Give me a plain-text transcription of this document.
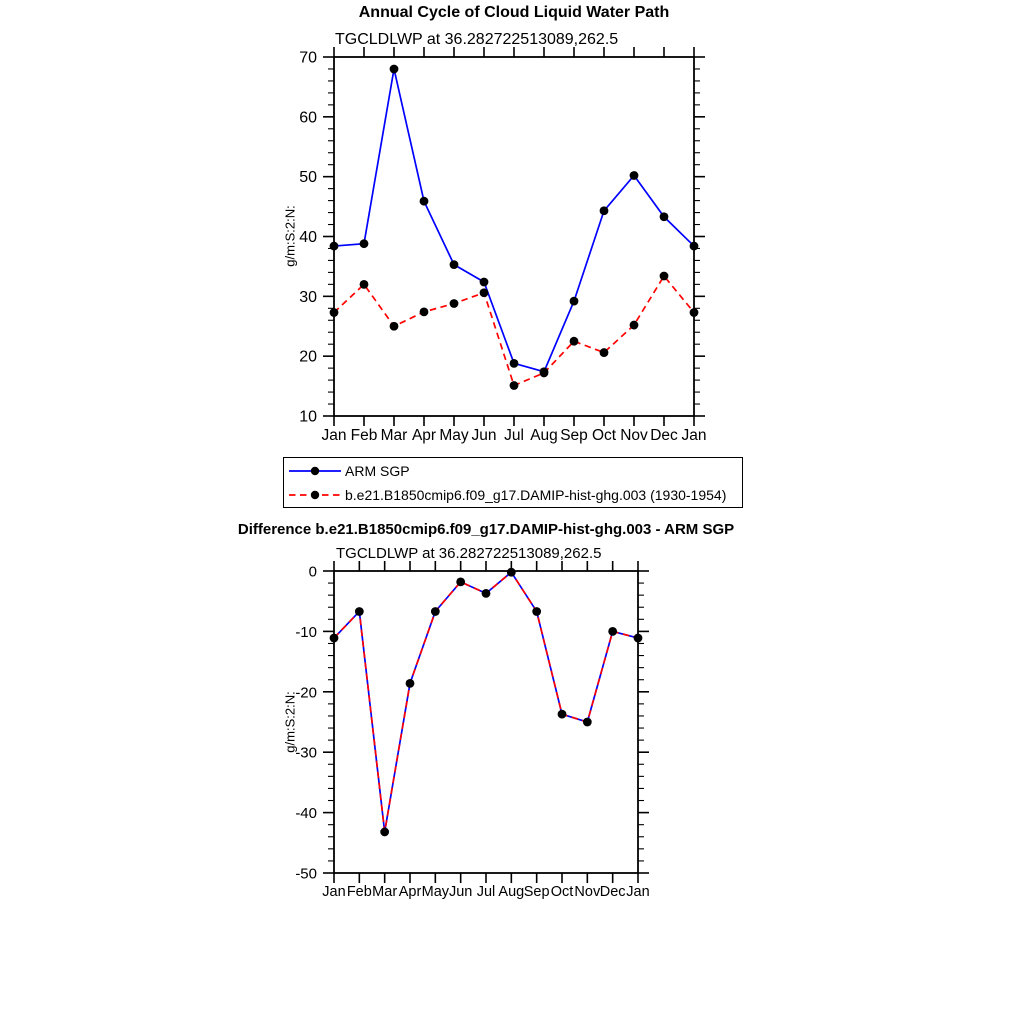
Annual Cycle of Cloud Liquid Water Path
TGCLDLWP at 36.282722513089,262.5
g/m:S:2:N:
10
20
30
40
50
60
70
Jan Feb Mar Apr May Jun Jul Aug Sep Oct Nov Dec Jan
-50
-40
-30
-20
-10
0
Jan Feb Mar Apr May Jun Jul Aug Sep Oct Nov Dec Jan
ARM SGP
b.e21.B1850cmip6.f09_g17.DAMIP-hist-ghg.003 (1930-1954)
Difference b.e21.B1850cmip6.f09_g17.DAMIP-hist-ghg.003 - ARM SGP
TGCLDLWP at 36.282722513089,262.5
g/m:S:2:N:
